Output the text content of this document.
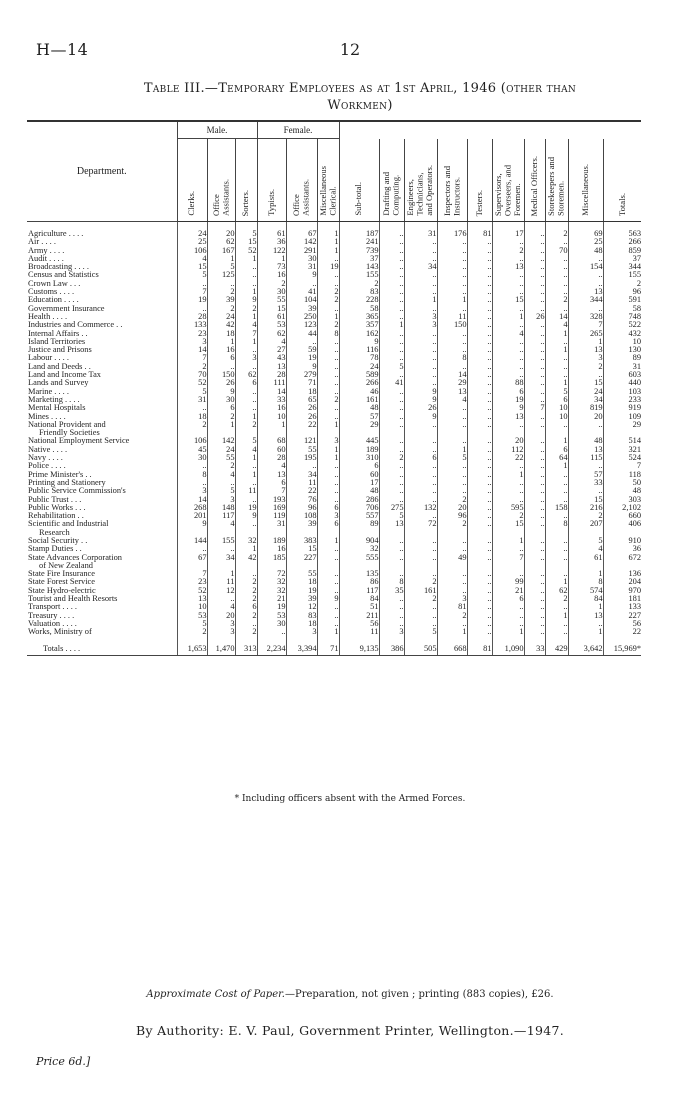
H—14	12
Table III.—Temporary Employees as at 1st April, 1946 (other than
Workmen)
Department.	Male.			Female.												
	Clerks.	Office
Assistants.	Sorters.	Typists.	Office
Assistants.	Miscellaneous
Clerical.	Sub-total.	Drafting and
Computing.	Engineers,
Technicians,
and Operators.	Inspectors and
Instructors.	Testers.	Supervisors,
Overseers, and
Foremen.	Medical Officers.	Storekeepers and
Storemen.	Miscellaneous.	Totals.
Agriculture . . . .	24	20	5	61	67	1	187	..	31	176	81	17	..	2	69	563
Air . . . .	25	62	15	36	142	1	241	..	..	..	..	..	..	..	25	266
Army . . . .	106	167	52	122	291	1	739	..	..	..	..	2	..	70	48	859
Audit . . . .	4	1	1	1	30	..	37	..	..	..	..	..	..	..	..	37
Broadcasting . . . .	15	5	..	73	31	19	143	..	34	..	..	13	..	..	154	344
Census and Statistics	5	125	..	16	9	..	155	..	..	..	..	..	..	..	..	155
Crown Law . . .	..	..	..	2	..	..	2	..	..	..	..	..	..	..	..	2
Customs . . . .	7	2	1	30	41	2	83	..	..	..	..	..	..	..	13	96
Education . . . .	19	39	9	55	104	2	228	..	1	1	..	15	..	2	344	591
Government Insurance	..	2	2	15	39	..	58	..	..	..	..	..	..	..	..	58
Health . . . .	28	24	1	61	250	1	365	..	3	11	..	1	26	14	328	748
Industries and Commerce . .	133	42	4	53	123	2	357	1	3	150	..	..	..	4	7	522
Internal Affairs . .	23	18	7	62	44	8	162	..	..	..	..	4	..	1	265	432
Island Territories	3	1	1	4	..	..	9	..	..	..	..	..	..	..	1	10
Justice and Prisons	14	16	..	27	59	..	116	..	..	..	..	..	..	1	13	130
Labour . . . .	7	6	3	43	19	..	78	..	..	8	..	..	..	..	3	89
Land and Deeds . .	2	..	..	13	9	..	24	5	..	..	..	..	..	..	2	31
Land and Income Tax	70	150	62	28	279	..	589	..	..	14	..	..	..	..	..	603
Lands and Survey	52	26	6	111	71	..	266	41	..	29	..	88	..	1	15	440
Marine . . . .	5	9	..	14	18	..	46	..	9	13	..	6	..	5	24	103
Marketing . . . .	31	30	..	33	65	2	161	..	9	4	..	19	..	6	34	233
Mental Hospitals	..	6	..	16	26	..	48	..	26	..	..	9	7	10	819	919
Mines . . . .	18	2	1	10	26	..	57	..	9	..	..	13	..	10	20	109
National Provident and	2	1	2	1	22	1	29	..	..	..	..	..	..	..	..	29
Friendly Societies																
National Employment Service	106	142	5	68	121	3	445	..	..	..	..	20	..	1	48	514
Native . . . .	45	24	4	60	55	1	189	..	..	1	..	112	..	6	13	321
Navy . . . .	30	55	1	28	195	1	310	2	6	5	..	22	..	64	115	524
Police . . . .	..	2	..	4	..	..	6	..	..	..	..	..	..	1	..	7
Prime Minister's . .	8	4	1	13	34	..	60	..	..	..	..	1	..	..	57	118
Printing and Stationery	..	..	..	6	11	..	17	..	..	..	..	..	..	..	33	50
Public Service Commission's	3	5	11	7	22	..	48	..	..	..	..	..	..	..	..	48
Public Trust . . .	14	3	..	193	76	..	286	..	..	2	..	..	..	..	15	303
Public Works . . .	268	148	19	169	96	6	706	275	132	20	..	595	..	158	216	2,102
Rehabilitation . .	201	117	9	119	108	3	557	5	..	96	..	2	..	..	2	660
Scientific and Industrial	9	4	..	31	39	6	89	13	72	2	..	15	..	8	207	406
Research																
Social Security . .	144	155	32	189	383	1	904	..	..	..	..	1	..	..	5	910
Stamp Duties . .	..	..	1	16	15	..	32	..	..	..	..	..	..	..	4	36
State Advances Corporation	67	34	42	185	227	..	555	..	..	49	..	7	..	..	61	672
of New Zealand																
State Fire Insurance	7	1	..	72	55	..	135	..	..	..	..	..	..	..	1	136
State Forest Service	23	11	2	32	18	..	86	8	2	..	..	99	..	1	8	204
State Hydro-electric	52	12	2	32	19	..	117	35	161	..	..	21	..	62	574	970
Tourist and Health Resorts	13	..	2	21	39	9	84	..	2	3	..	6	..	2	84	181
Transport . . . .	10	4	6	19	12	..	51	..	..	81	..	..	..	..	1	133
Treasury . . . .	53	20	2	53	83	..	211	..	..	2	..	..	..	1	13	227
Valuation . . . .	5	3	..	30	18	..	56	..	..	..	..	..	..	..	..	56
Works, Ministry of	2	3	2	..	3	1	11	3	5	1	..	1	..	..	1	22
Totals . . . .	1,653	1,470	313	2,234	3,394	71	9,135	386	505	668	81	1,090	33	429	3,642	15,969*
* Including officers absent with the Armed Forces.
Approximate Cost of Paper.—Preparation, not given ; printing (883 copies), £26.
By Authority: E. V. Paul, Government Printer, Wellington.—1947.
Price 6d.]
